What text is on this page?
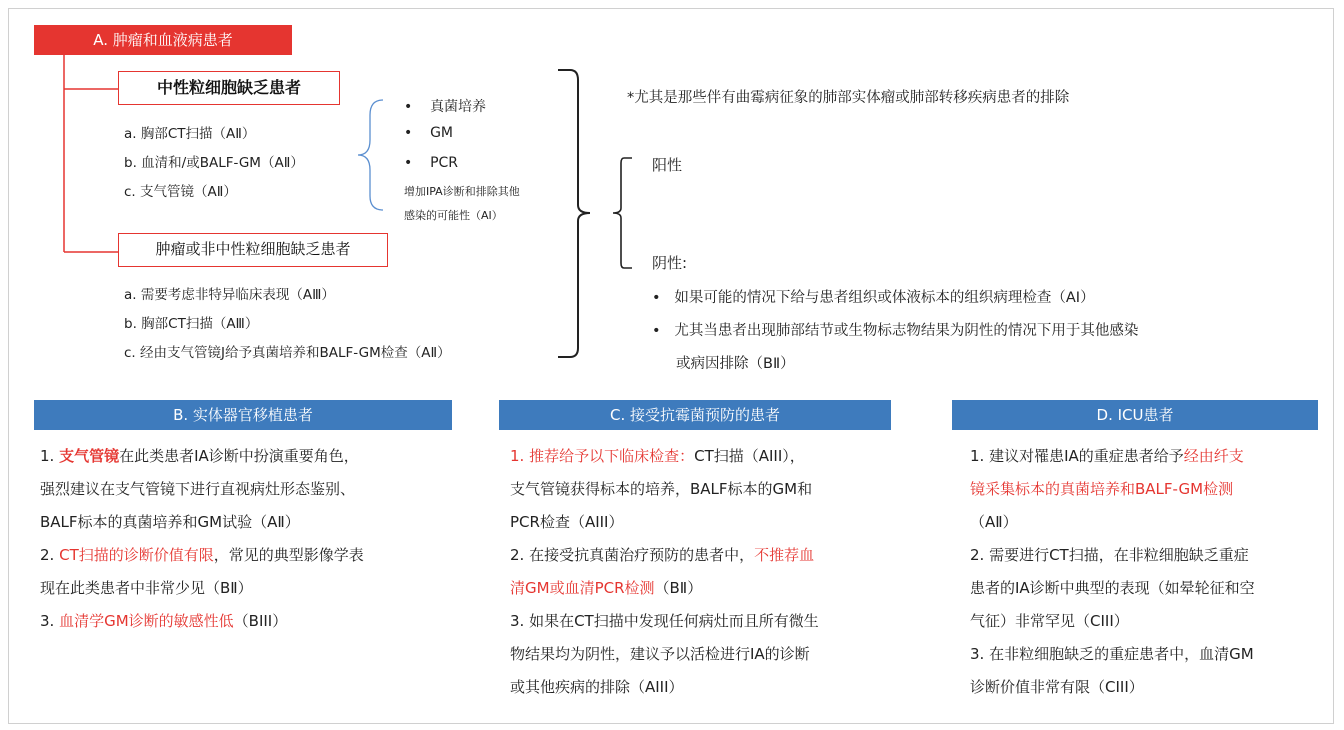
A. 肿瘤和血液病患者
中性粒细胞缺乏患者
a. 胸部CT扫描（AⅡ）
b. 血清和/或BALF-GM（AⅡ）
c. 支气管镜（AⅡ）
•    真菌培养
•    GM
•    PCR
增加IPA诊断和排除其他
感染的可能性（AⅠ）
肿瘤或非中性粒细胞缺乏患者
a. 需要考虑非特异临床表现（AⅢ）
b. 胸部CT扫描（AⅢ）
c. 经由支气管镜J给予真菌培养和BALF-GM检查（AⅡ）
*尤其是那些伴有曲霉病征象的肺部实体瘤或肺部转移疾病患者的排除
阳性
阴性:
•   如果可能的情况下给与患者组织或体液标本的组织病理检查（AⅠ）
•   尤其当患者出现肺部结节或生物标志物结果为阴性的情况下用于其他感染
或病因排除（BⅡ）
B. 实体器官移植患者

1. 支气管镜在此类患者IA诊断中扮演重要角色，

强烈建议在支气管镜下进行直视病灶形态鉴别、

BALF标本的真菌培养和GM试验（AⅡ）

2. CT扫描的诊断价值有限，常见的典型影像学表

现在此类患者中非常少见（BⅡ）

3. 血清学GM诊断的敏感性低（BIII）

C. 接受抗霉菌预防的患者

1. 推荐给予以下临床检查：CT扫描（AIII），

支气管镜获得标本的培养，BALF标本的GM和

PCR检查（AIII）

2. 在接受抗真菌治疗预防的患者中，不推荐血

清GM或血清PCR检测（BⅡ）

3. 如果在CT扫描中发现任何病灶而且所有微生

物结果均为阴性，建议予以活检进行IA的诊断

或其他疾病的排除（AIII）

D. ICU患者

1. 建议对罹患IA的重症患者给予经由纤支

镜采集标本的真菌培养和BALF-GM检测

（AⅡ）

2. 需要进行CT扫描，在非粒细胞缺乏重症

患者的IA诊断中典型的表现（如晕轮征和空

气征）非常罕见（CIII）

3. 在非粒细胞缺乏的重症患者中，血清GM

诊断价值非常有限（CIII）
